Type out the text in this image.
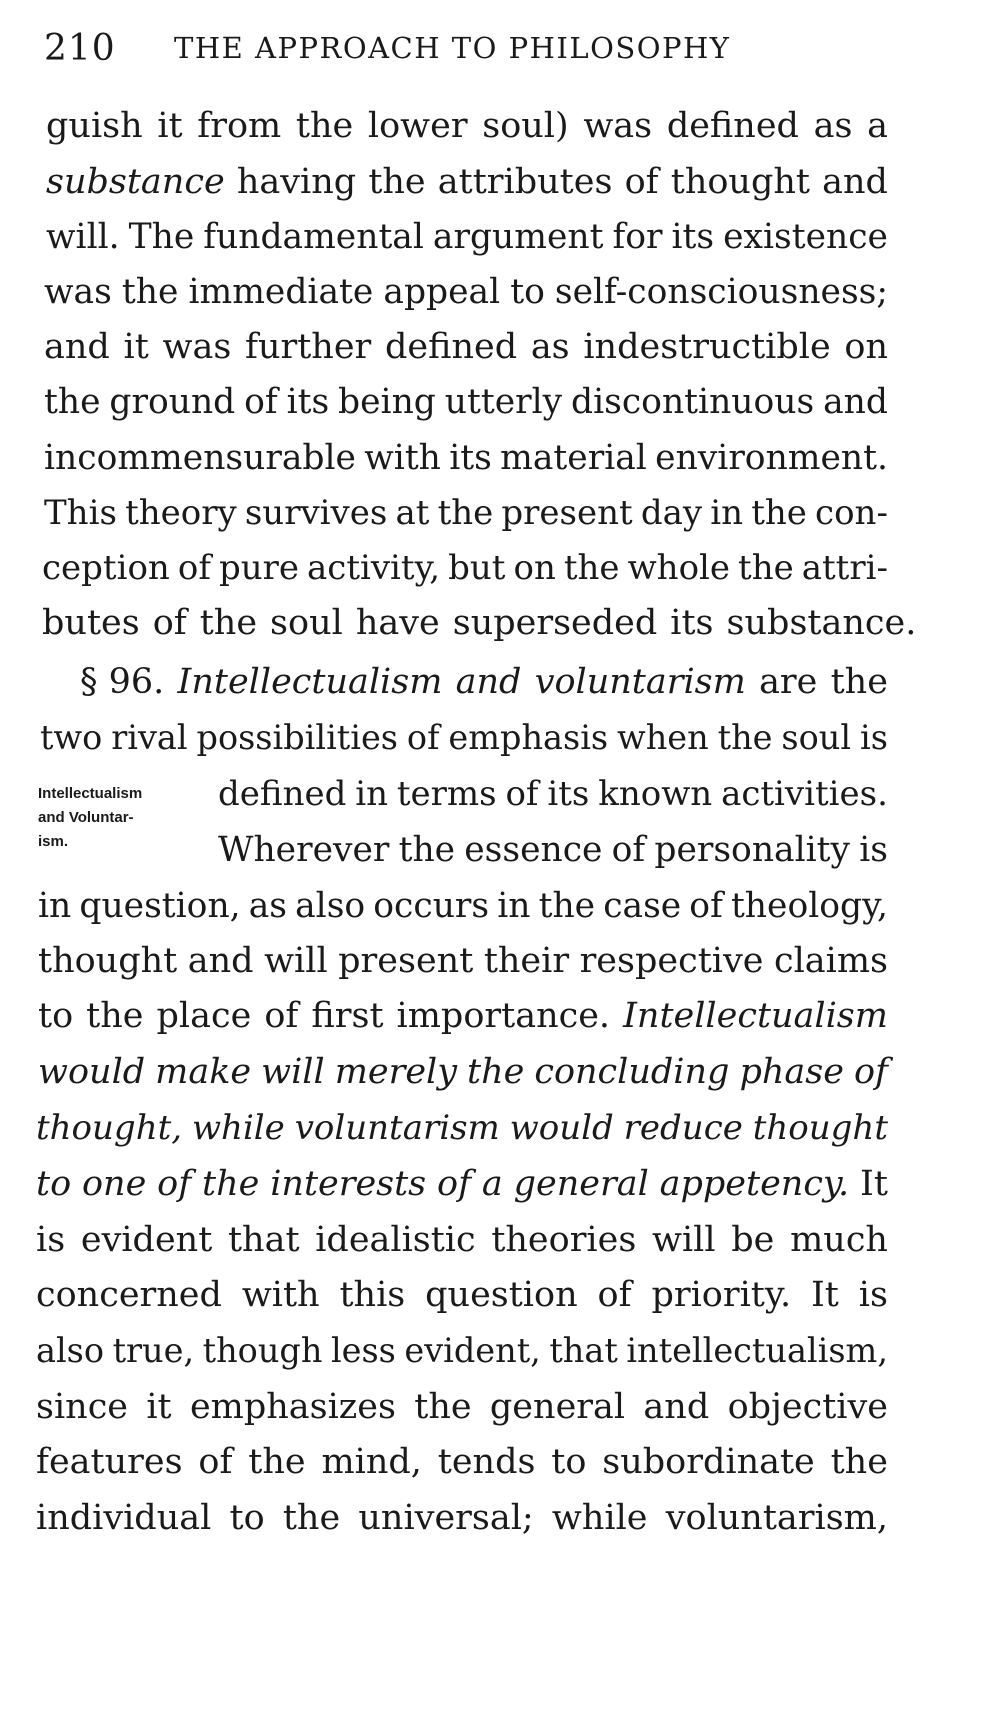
210	THE APPROACH TO PHILOSOPHY
Intellectualism
and Voluntar-
ism.
guish it from the lower soul) was defined as a
substance having the attributes of thought and
will. The fundamental argument for its existence
was the immediate appeal to self-consciousness;
and it was further defined as indestructible on
the ground of its being utterly discontinuous and
incommensurable with its material environment.
This theory survives at the present day in the con-
ception of pure activity, but on the whole the attri-
butes of the soul have superseded its substance.
§ 96. Intellectualism and voluntarism are the
two rival possibilities of emphasis when the soul is
defined in terms of its known activities.
Wherever the essence of personality is
in question, as also occurs in the case of theology,
thought and will present their respective claims
to the place of first importance. Intellectualism
would make will merely the concluding phase of
thought, while voluntarism would reduce thought
to one of the interests of a general appetency. It
is evident that idealistic theories will be much
concerned with this question of priority. It is
also true, though less evident, that intellectualism,
since it emphasizes the general and objective
features of the mind, tends to subordinate the
individual to the universal; while voluntarism,
